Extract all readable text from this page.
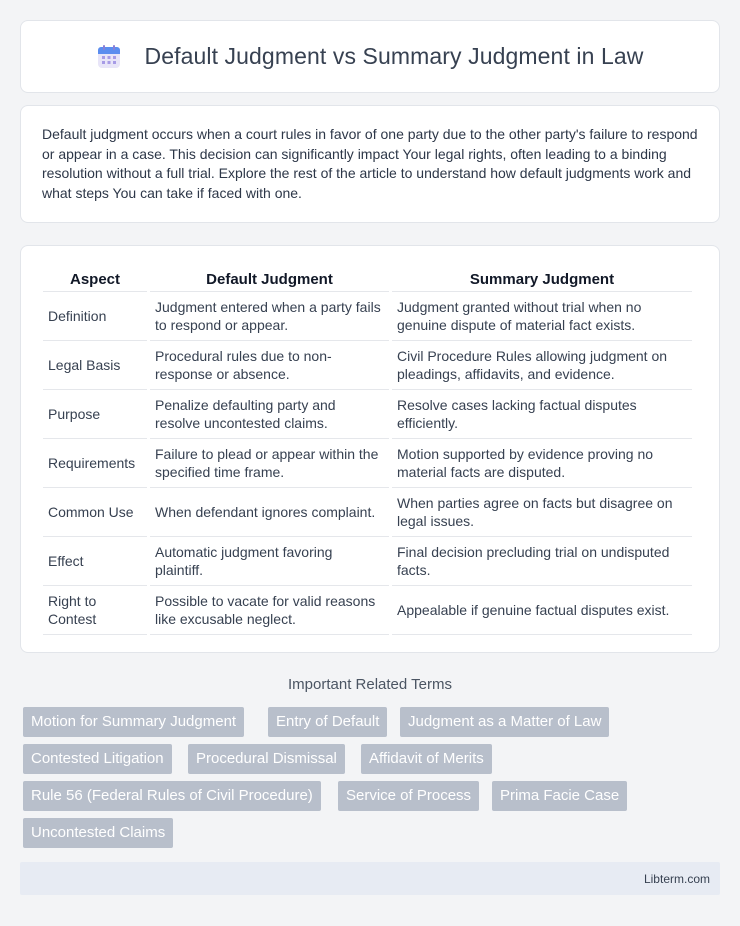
Default Judgment vs Summary Judgment in Law

Default judgment occurs when a court rules in favor of one party due to the other party's failure to respond or appear in a case. This decision can significantly impact Your legal rights, often leading to a binding resolution without a full trial. Explore the rest of the article to understand how default judgments work and what steps You can take if faced with one.

Aspect	Default Judgment	Summary Judgment
Definition	Judgment entered when a party fails to respond or appear.	Judgment granted without trial when no genuine dispute of material fact exists.
Legal Basis	Procedural rules due to non-response or absence.	Civil Procedure Rules allowing judgment on pleadings, affidavits, and evidence.
Purpose	Penalize defaulting party and resolve uncontested claims.	Resolve cases lacking factual disputes efficiently.
Requirements	Failure to plead or appear within the specified time frame.	Motion supported by evidence proving no material facts are disputed.
Common Use	When defendant ignores complaint.	When parties agree on facts but disagree on legal issues.
Effect	Automatic judgment favoring plaintiff.	Final decision precluding trial on undisputed facts.
Right to Contest	Possible to vacate for valid reasons like excusable neglect.	Appealable if genuine factual disputes exist.
Important Related Terms
Motion for Summary Judgment	Entry of Default	Judgment as a Matter of Law
Contested Litigation	Procedural Dismissal	Affidavit of Merits
Rule 56 (Federal Rules of Civil Procedure)	Service of Process	Prima Facie Case
Uncontested Claims
Libterm.com
